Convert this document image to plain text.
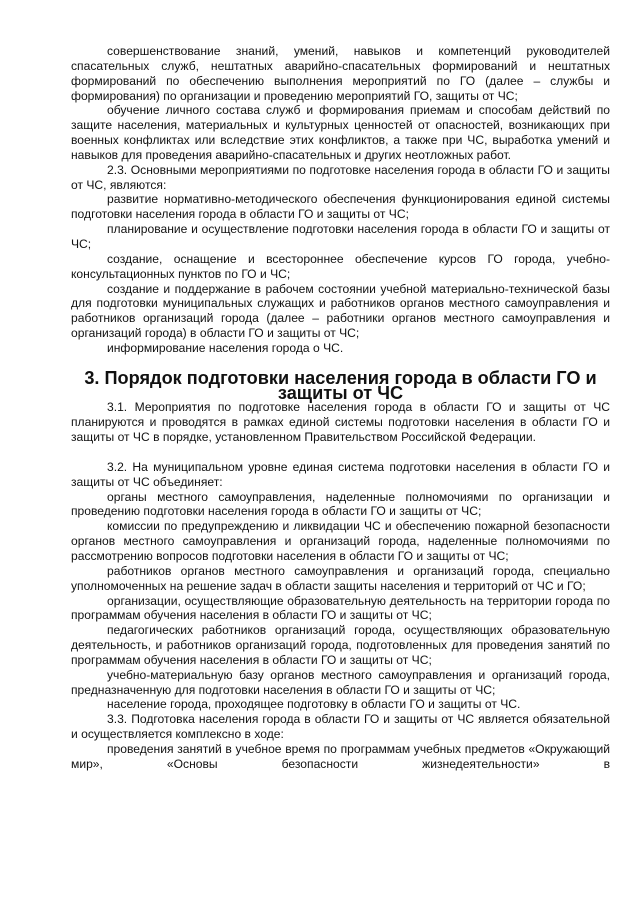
совершенствование знаний, умений, навыков и компетенций руководителей спасательных служб, нештатных аварийно-спасательных формирований и нештатных формирований по обеспечению выполнения мероприятий по ГО (далее – службы и формирования) по организации и проведению мероприятий ГО, защиты от ЧС;

обучение личного состава служб и формирования приемам и способам действий по защите населения, материальных и культурных ценностей от опасностей, возникающих при военных конфликтах или вследствие этих конфликтов, а также при ЧС, выработка умений и навыков для проведения аварийно-спасательных и других неотложных работ.

2.3. Основными мероприятиями по подготовке населения города в области ГО и защиты от ЧС, являются:

развитие нормативно-методического обеспечения функционирования единой системы подготовки населения города в области ГО и защиты от ЧС;

планирование и осуществление подготовки населения города в области ГО и защиты от ЧС;

создание, оснащение и всестороннее обеспечение курсов ГО города, учебно-консультационных пунктов по ГО и ЧС;

создание и поддержание в рабочем состоянии учебной материально-технической базы для подготовки муниципальных служащих и работников органов местного самоуправления и работников организаций города (далее – работники органов местного самоуправления и организаций города) в области ГО и защиты от ЧС;

информирование населения города о ЧС.

3. Порядок подготовки населения города в области ГО и защиты от ЧС

3.1. Мероприятия по подготовке населения города в области ГО и защиты от ЧС планируются и проводятся в рамках единой системы подготовки населения в области ГО и защиты от ЧС в порядке, установленном Правительством Российской Федерации.

3.2. На муниципальном уровне единая система подготовки населения в области ГО и защиты от ЧС объединяет:

органы местного самоуправления, наделенные полномочиями по организации и проведению подготовки населения города в области ГО и защиты от ЧС;

комиссии по предупреждению и ликвидации ЧС и обеспечению пожарной безопасности органов местного самоуправления и организаций города, наделенные полномочиями по рассмотрению вопросов подготовки населения в области ГО и защиты от ЧС;

работников органов местного самоуправления и организаций города, специально уполномоченных на решение задач в области защиты населения и территорий от ЧС и ГО;

организации, осуществляющие образовательную деятельность на территории города по программам обучения населения в области ГО и защиты от ЧС;

педагогических работников организаций города, осуществляющих образовательную деятельность, и работников организаций города, подготовленных для проведения занятий по программам обучения населения в области ГО и защиты от ЧС;

учебно-материальную базу органов местного самоуправления и организаций города, предназначенную для подготовки населения в области ГО и защиты от ЧС;

население города, проходящее подготовку в области ГО и защиты от ЧС.

3.3. Подготовка населения города в области ГО и защиты от ЧС является обязательной и осуществляется комплексно в ходе:

проведения занятий в учебное время по программам учебных предметов «Окружающий мир», «Основы безопасности жизнедеятельности» в
